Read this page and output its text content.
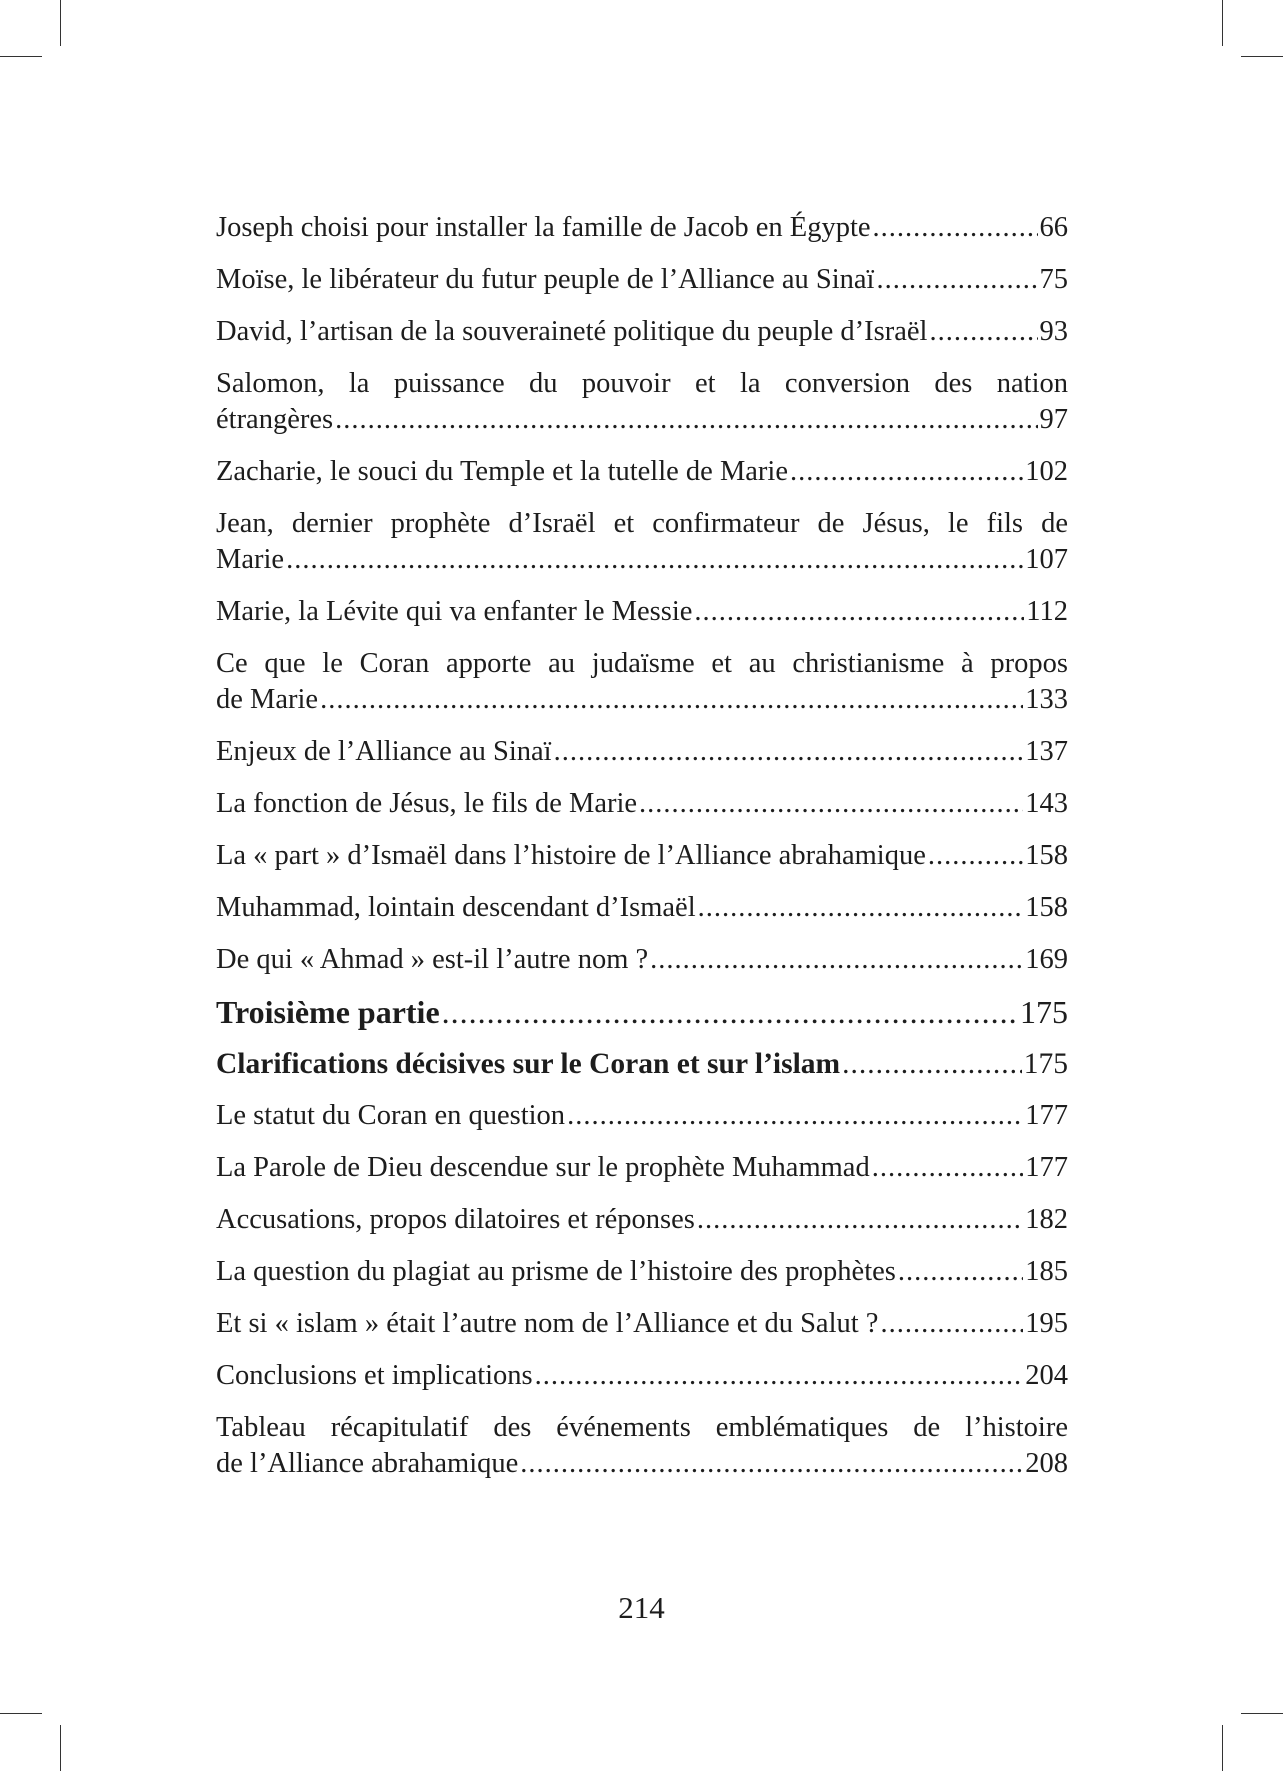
Joseph choisi pour installer la famille de Jacob en Égypte .....	66
Moïse, le libérateur du futur peuple de l’Alliance au Sinaï .....	75
David, l’artisan de la souveraineté politique du peuple d’Israël .....	93
Salomon, la puissance du pouvoir et la conversion des nation
étrangères .....	97
Zacharie, le souci du Temple et la tutelle de Marie .....	102
Jean, dernier prophète d’Israël et confirmateur de Jésus, le fils de
Marie .....	107
Marie, la Lévite qui va enfanter le Messie .....	112
Ce que le Coran apporte au judaïsme et au christianisme à propos
de Marie .....	133
Enjeux de l’Alliance au Sinaï .....	137
La fonction de Jésus, le fils de Marie .....	143
La « part » d’Ismaël dans l’histoire de l’Alliance abrahamique .....	158
Muhammad, lointain descendant d’Ismaël .....	158
De qui « Ahmad » est-il l’autre nom ? .....	169
Troisième partie .....	175
Clarifications décisives sur le Coran et sur l’islam .....	175
Le statut du Coran en question .....	177
La Parole de Dieu descendue sur le prophète Muhammad .....	177
Accusations, propos dilatoires et réponses .....	182
La question du plagiat au prisme de l’histoire des prophètes .....	185
Et si « islam » était l’autre nom de l’Alliance et du Salut ? .....	195
Conclusions et implications .....	204
Tableau récapitulatif des événements emblématiques de l’histoire
de l’Alliance abrahamique .....	208
214
